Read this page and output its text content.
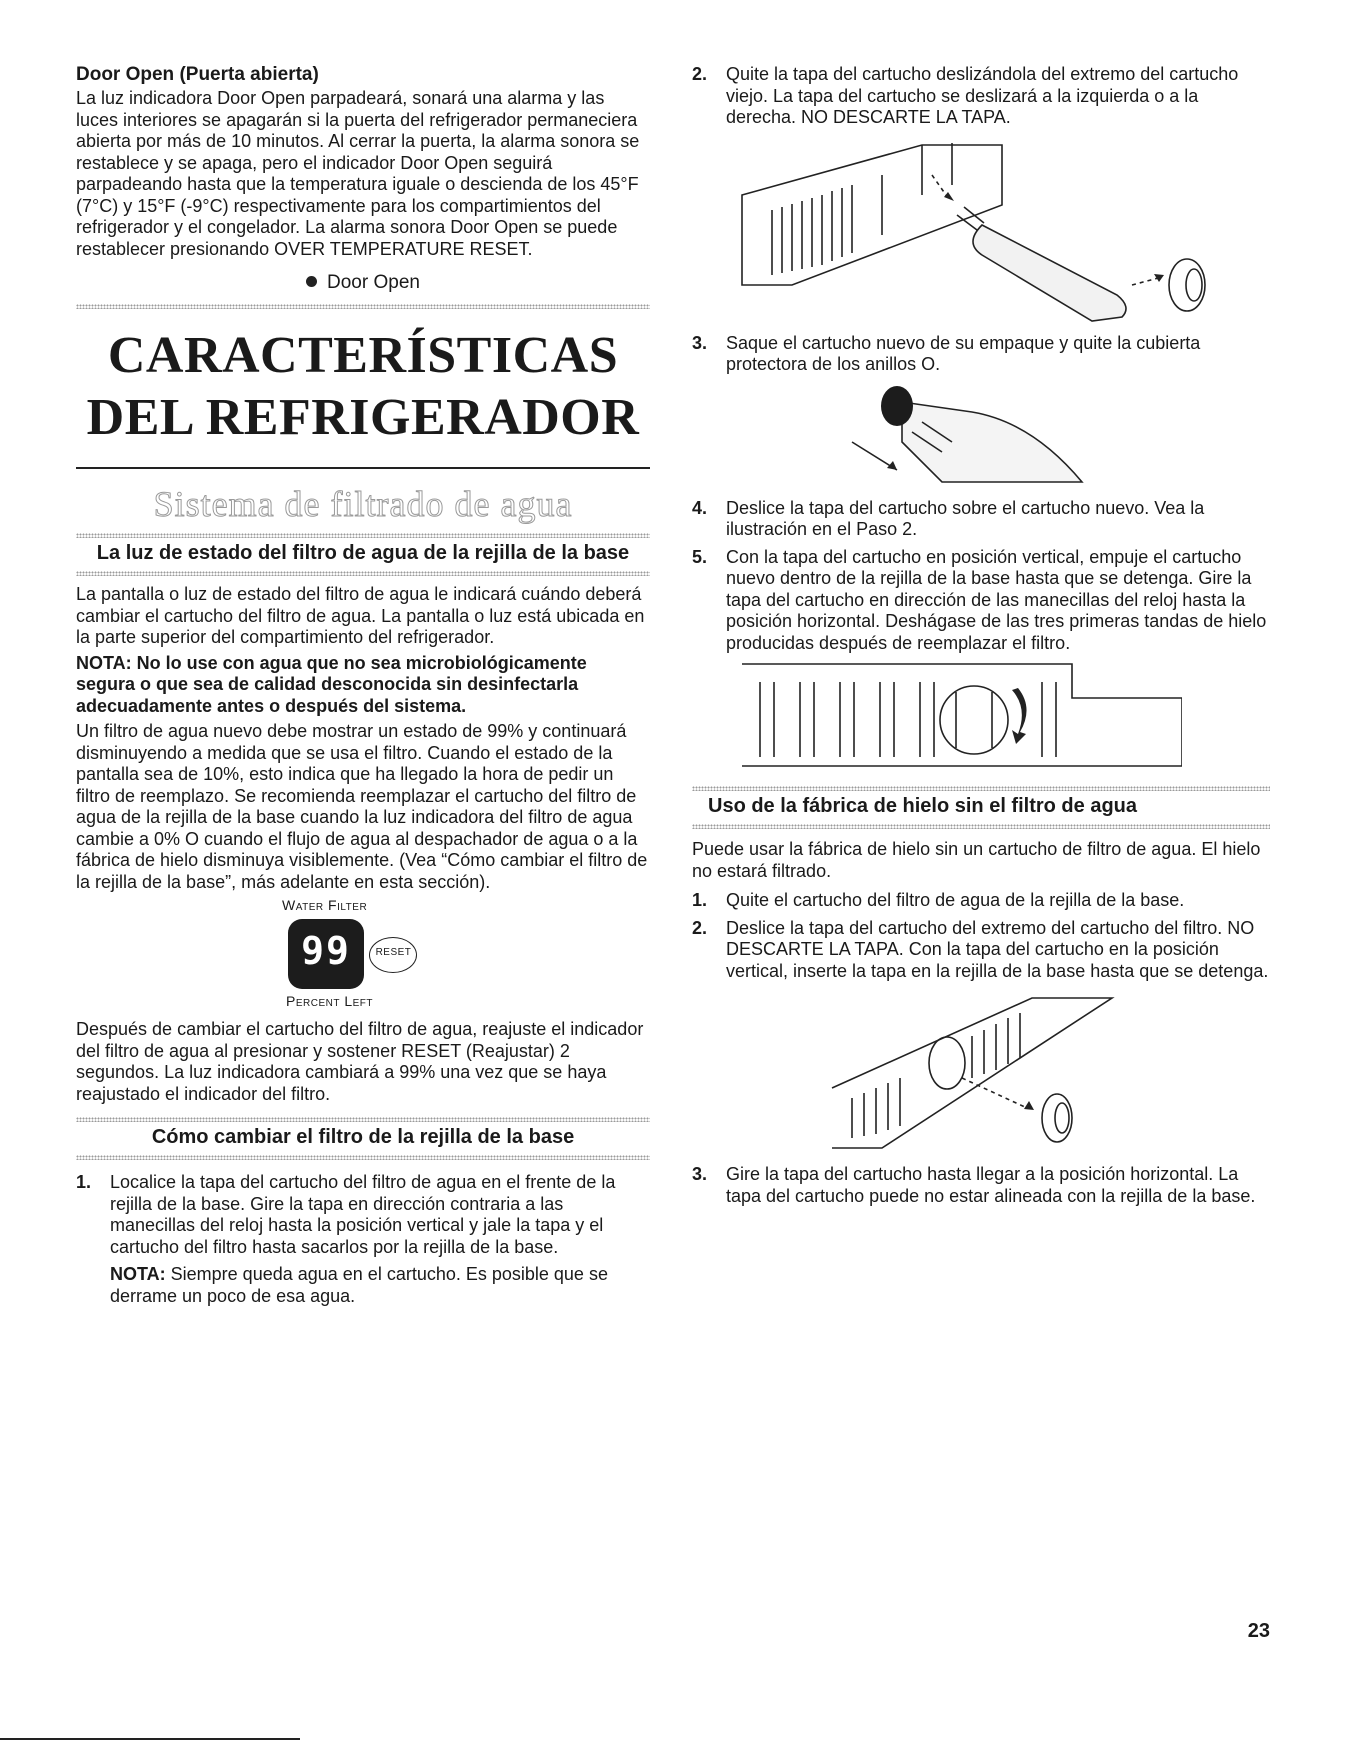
Door Open (Puerta abierta)

La luz indicadora Door Open parpadeará, sonará una alarma y las luces interiores se apagarán si la puerta del refrigerador permaneciera abierta por más de 10 minutos. Al cerrar la puerta, la alarma sonora se restablece y se apaga, pero el indicador Door Open seguirá parpadeando hasta que la temperatura iguale o descienda de los 45°F (7°C) y 15°F (-9°C) respectivamente para los compartimientos del refrigerador y el congelador. La alarma sonora Door Open se puede restablecer presionando OVER TEMPERATURE RESET.

Door Open
CARACTERÍSTICAS
DEL REFRIGERADOR
Sistema de filtrado de agua
La luz de estado del filtro de agua de la rejilla de la base

La pantalla o luz de estado del filtro de agua le indicará cuándo deberá cambiar el cartucho del filtro de agua. La pantalla o luz está ubicada en la parte superior del compartimiento del refrigerador.

NOTA: No lo use con agua que no sea microbiológicamente segura o que sea de calidad desconocida sin desinfectarla adecuadamente antes o después del sistema.

Un filtro de agua nuevo debe mostrar un estado de 99% y continuará disminuyendo a medida que se usa el filtro. Cuando el estado de la pantalla sea de 10%, esto indica que ha llegado la hora de pedir un filtro de reemplazo. Se recomienda reemplazar el cartucho del filtro de agua de la rejilla de la base cuando la luz indicadora del filtro de agua cambie a 0% O cuando el flujo de agua al despachador de agua o a la fábrica de hielo disminuya visiblemente. (Vea “Cómo cambiar el filtro de la rejilla de la base”, más adelante en esta sección).

Water Filter
99	RESET
Percent Left

Después de cambiar el cartucho del filtro de agua, reajuste el indicador del filtro de agua al presionar y sostener RESET (Reajustar) 2 segundos. La luz indicadora cambiará a 99% una vez que se haya reajustado el indicador del filtro.

Cómo cambiar el filtro de la rejilla de la base
1. Localice la tapa del cartucho del filtro de agua en el frente de la rejilla de la base. Gire la tapa en dirección contraria a las manecillas del reloj hasta la posición vertical y jale la tapa y el cartucho del filtro hasta sacarlos por la rejilla de la base.
NOTA: Siempre queda agua en el cartucho. Es posible que se derrame un poco de esa agua.
2. Quite la tapa del cartucho deslizándola del extremo del cartucho viejo. La tapa del cartucho se deslizará a la izquierda o a la derecha. NO DESCARTE LA TAPA.
3. Saque el cartucho nuevo de su empaque y quite la cubierta protectora de los anillos O.
4. Deslice la tapa del cartucho sobre el cartucho nuevo. Vea la ilustración en el Paso 2.
5. Con la tapa del cartucho en posición vertical, empuje el cartucho nuevo dentro de la rejilla de la base hasta que se detenga. Gire la tapa del cartucho en dirección de las manecillas del reloj hasta la posición horizontal. Deshágase de las tres primeras tandas de hielo producidas después de reemplazar el filtro.
Uso de la fábrica de hielo sin el filtro de agua

Puede usar la fábrica de hielo sin un cartucho de filtro de agua. El hielo no estará filtrado.

1. Quite el cartucho del filtro de agua de la rejilla de la base.
2. Deslice la tapa del cartucho del extremo del cartucho del filtro. NO DESCARTE LA TAPA. Con la tapa del cartucho en la posición vertical, inserte la tapa en la rejilla de la base hasta que se detenga.
3. Gire la tapa del cartucho hasta llegar a la posición horizontal. La tapa del cartucho puede no estar alineada con la rejilla de la base.
23
